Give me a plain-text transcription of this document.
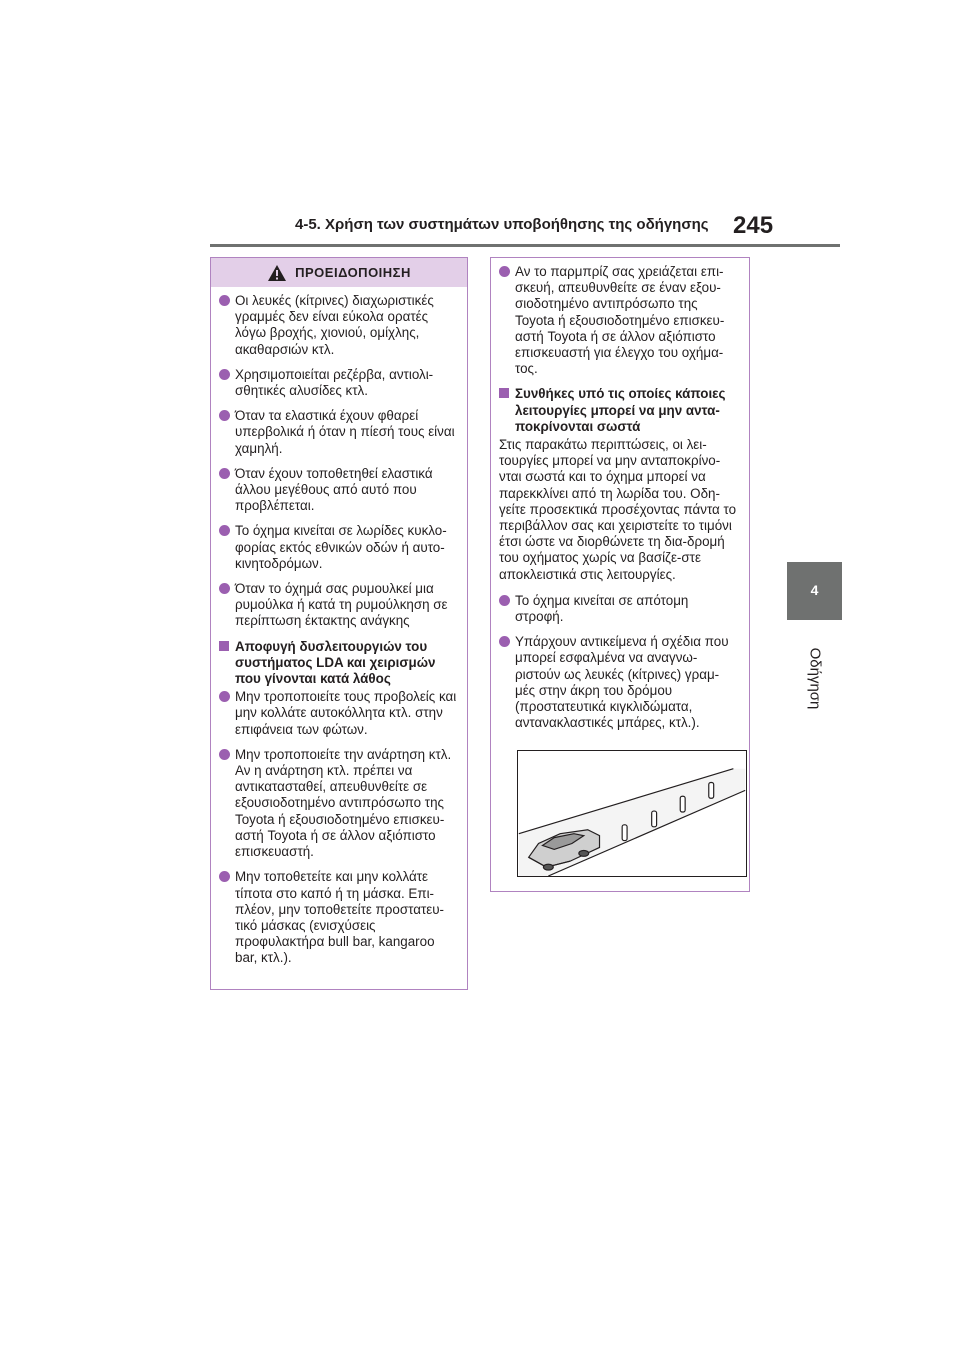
4-5. Χρήση των συστημάτων υποβοήθησης της οδήγησης 245
4
Οδήγηση
ΠΡΟΕΙΔΟΠΟΙΗΣΗ
Οι λευκές (κίτρινες) διαχωριστικές γραμμές δεν είναι εύκολα ορατές λόγω βροχής, χιονιού, ομίχλης, ακαθαρσιών κτλ.
Χρησιμοποιείται ρεζέρβα, αντιολι-σθητικές αλυσίδες κτλ.
Όταν τα ελαστικά έχουν φθαρεί υπερβολικά ή όταν η πίεσή τους είναι χαμηλή.
Όταν έχουν τοποθετηθεί ελαστικά άλλου μεγέθους από αυτό που προβλέπεται.
Το όχημα κινείται σε λωρίδες κυκλο-φορίας εκτός εθνικών οδών ή αυτο-κινητοδρόμων.
Όταν το όχημά σας ρυμουλκεί μια ρυμούλκα ή κατά τη ρυμούλκηση σε περίπτωση έκτακτης ανάγκης
Αποφυγή δυσλειτουργιών του συστήματος LDA και χειρισμών που γίνονται κατά λάθος
Μην τροποποιείτε τους προβολείς και μην κολλάτε αυτοκόλλητα κτλ. στην επιφάνεια των φώτων.
Μην τροποποιείτε την ανάρτηση κτλ. Αν η ανάρτηση κτλ. πρέπει να αντικατασταθεί, απευθυνθείτε σε εξουσιοδοτημένο αντιπρόσωπο της Toyota ή εξουσιοδοτημένο επισκευ-αστή Toyota ή σε άλλον αξιόπιστο επισκευαστή.
Μην τοποθετείτε και μην κολλάτε τίποτα στο καπό ή τη μάσκα. Επι-πλέον, μην τοποθετείτε προστατευ-τικό μάσκας (ενισχύσεις προφυλακτήρα bull bar, kangaroo bar, κτλ.).
Αν το παρμπρίζ σας χρειάζεται επι-σκευή, απευθυνθείτε σε έναν εξου-σιοδοτημένο αντιπρόσωπο της Toyota ή εξουσιοδοτημένο επισκευ-αστή Toyota ή σε άλλον αξιόπιστο επισκευαστή για έλεγχο του οχήμα-τος.
Συνθήκες υπό τις οποίες κάποιες λειτουργίες μπορεί να μην αντα-ποκρίνονται σωστά
Στις παρακάτω περιπτώσεις, οι λει-τουργίες μπορεί να μην ανταποκρίνο-νται σωστά και το όχημα μπορεί να παρεκκλίνει από τη λωρίδα του. Οδη-γείτε προσεκτικά προσέχοντας πάντα το περιβάλλον σας και χειριστείτε το τιμόνι έτσι ώστε να διορθώνετε τη δια-δρομή του οχήματος χωρίς να βασίζε-στε αποκλειστικά στις λειτουργίες.
Το όχημα κινείται σε απότομη στροφή.
Υπάρχουν αντικείμενα ή σχέδια που μπορεί εσφαλμένα να αναγνω-ριστούν ως λευκές (κίτρινες) γραμ-μές στην άκρη του δρόμου (προστατευτικά κιγκλιδώματα, αντανακλαστικές μπάρες, κτλ.).
